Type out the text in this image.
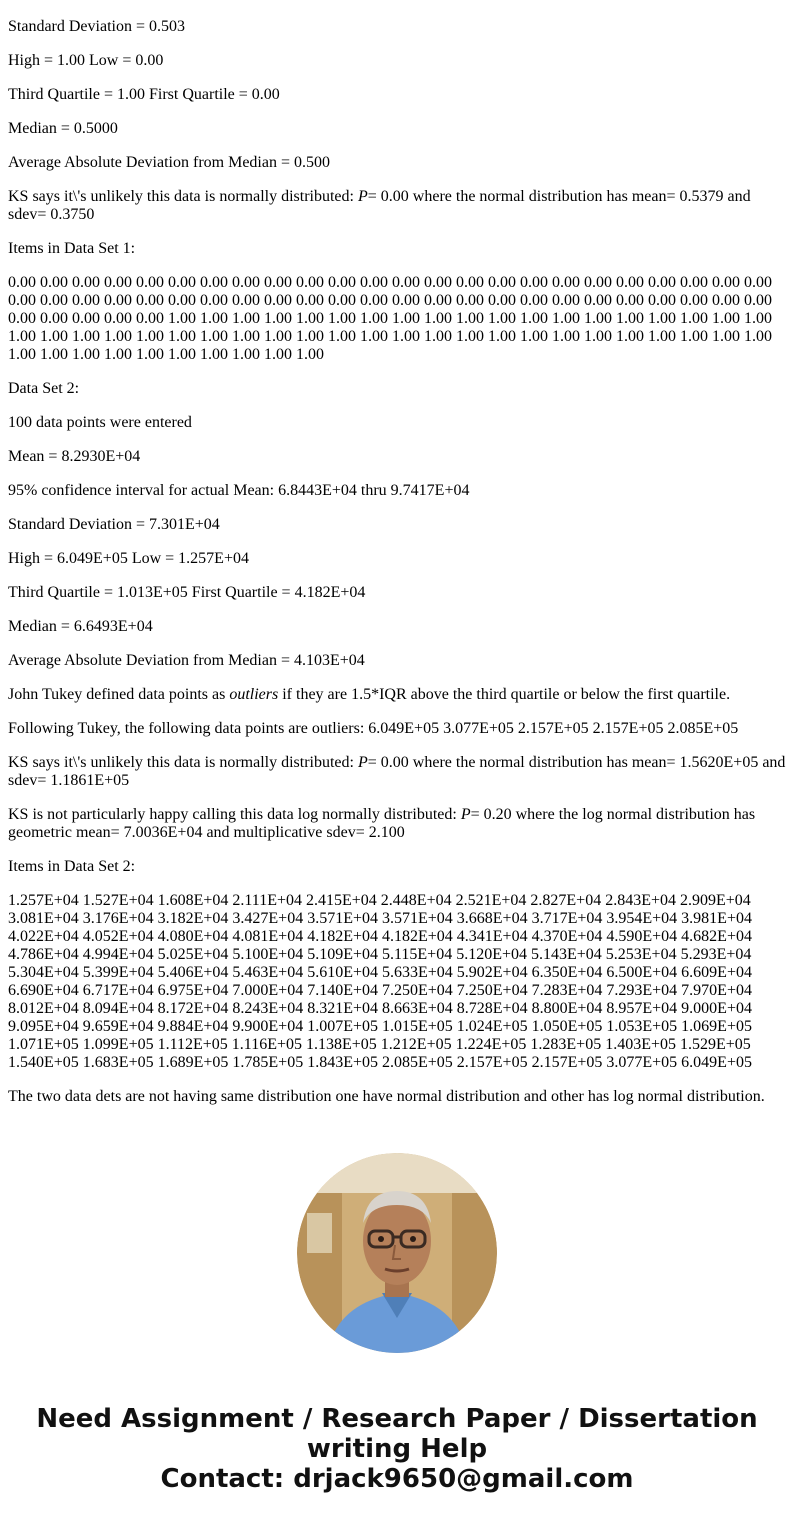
Standard Deviation = 0.503

High = 1.00 Low = 0.00

Third Quartile = 1.00 First Quartile = 0.00

Median = 0.5000

Average Absolute Deviation from Median = 0.500

KS says it\'s unlikely this data is normally distributed: P= 0.00 where the normal distribution has mean= 0.5379 and sdev= 0.3750

Items in Data Set 1:

0.00 0.00 0.00 0.00 0.00 0.00 0.00 0.00 0.00 0.00 0.00 0.00 0.00 0.00 0.00 0.00 0.00 0.00 0.00 0.00 0.00 0.00 0.00 0.00 0.00 0.00 0.00 0.00 0.00 0.00 0.00 0.00 0.00 0.00 0.00 0.00 0.00 0.00 0.00 0.00 0.00 0.00 0.00 0.00 0.00 0.00 0.00 0.00 0.00 0.00 0.00 0.00 0.00 1.00 1.00 1.00 1.00 1.00 1.00 1.00 1.00 1.00 1.00 1.00 1.00 1.00 1.00 1.00 1.00 1.00 1.00 1.00 1.00 1.00 1.00 1.00 1.00 1.00 1.00 1.00 1.00 1.00 1.00 1.00 1.00 1.00 1.00 1.00 1.00 1.00 1.00 1.00 1.00 1.00 1.00 1.00 1.00 1.00 1.00 1.00 1.00 1.00 1.00 1.00 1.00 1.00

Data Set 2:

100 data points were entered

Mean = 8.2930E+04

95% confidence interval for actual Mean: 6.8443E+04 thru 9.7417E+04

Standard Deviation = 7.301E+04

High = 6.049E+05 Low = 1.257E+04

Third Quartile = 1.013E+05 First Quartile = 4.182E+04

Median = 6.6493E+04

Average Absolute Deviation from Median = 4.103E+04

John Tukey defined data points as outliers if they are 1.5*IQR above the third quartile or below the first quartile.

Following Tukey, the following data points are outliers: 6.049E+05 3.077E+05 2.157E+05 2.157E+05 2.085E+05

KS says it\'s unlikely this data is normally distributed: P= 0.00 where the normal distribution has mean= 1.5620E+05 and sdev= 1.1861E+05

KS is not particularly happy calling this data log normally distributed: P= 0.20 where the log normal distribution has geometric mean= 7.0036E+04 and multiplicative sdev= 2.100

Items in Data Set 2:

1.257E+04 1.527E+04 1.608E+04 2.111E+04 2.415E+04 2.448E+04 2.521E+04 2.827E+04 2.843E+04 2.909E+04 3.081E+04 3.176E+04 3.182E+04 3.427E+04 3.571E+04 3.571E+04 3.668E+04 3.717E+04 3.954E+04 3.981E+04 4.022E+04 4.052E+04 4.080E+04 4.081E+04 4.182E+04 4.182E+04 4.341E+04 4.370E+04 4.590E+04 4.682E+04 4.786E+04 4.994E+04 5.025E+04 5.100E+04 5.109E+04 5.115E+04 5.120E+04 5.143E+04 5.253E+04 5.293E+04 5.304E+04 5.399E+04 5.406E+04 5.463E+04 5.610E+04 5.633E+04 5.902E+04 6.350E+04 6.500E+04 6.609E+04 6.690E+04 6.717E+04 6.975E+04 7.000E+04 7.140E+04 7.250E+04 7.250E+04 7.283E+04 7.293E+04 7.970E+04 8.012E+04 8.094E+04 8.172E+04 8.243E+04 8.321E+04 8.663E+04 8.728E+04 8.800E+04 8.957E+04 9.000E+04 9.095E+04 9.659E+04 9.884E+04 9.900E+04 1.007E+05 1.015E+05 1.024E+05 1.050E+05 1.053E+05 1.069E+05 1.071E+05 1.099E+05 1.112E+05 1.116E+05 1.138E+05 1.212E+05 1.224E+05 1.283E+05 1.403E+05 1.529E+05 1.540E+05 1.683E+05 1.689E+05 1.785E+05 1.843E+05 2.085E+05 2.157E+05 2.157E+05 3.077E+05 6.049E+05

The two data dets are not having same distribution one have normal distribution and other has log normal distribution.

Need Assignment / Research Paper / Dissertation
writing Help
Contact: drjack9650@gmail.com
